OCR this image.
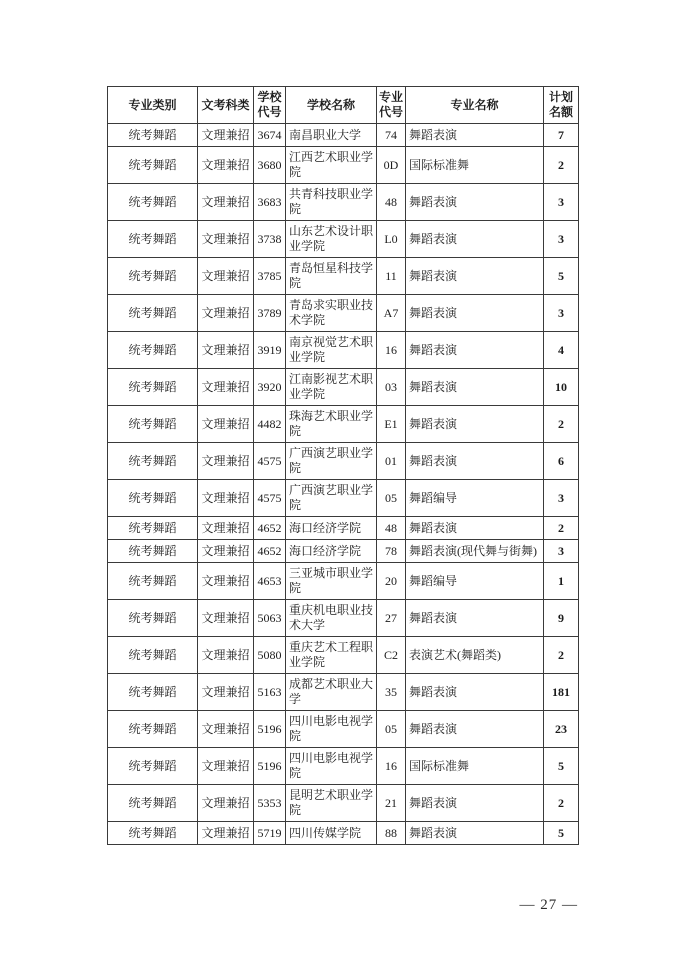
专业类别	文考科类	学校代号	学校名称	专业代号	专业名称	计划名额
统考舞蹈	文理兼招	3674	南昌职业大学	74	舞蹈表演	7
统考舞蹈	文理兼招	3680	江西艺术职业学院	0D	国际标准舞	2
统考舞蹈	文理兼招	3683	共青科技职业学院	48	舞蹈表演	3
统考舞蹈	文理兼招	3738	山东艺术设计职业学院	L0	舞蹈表演	3
统考舞蹈	文理兼招	3785	青岛恒星科技学院	11	舞蹈表演	5
统考舞蹈	文理兼招	3789	青岛求实职业技术学院	A7	舞蹈表演	3
统考舞蹈	文理兼招	3919	南京视觉艺术职业学院	16	舞蹈表演	4
统考舞蹈	文理兼招	3920	江南影视艺术职业学院	03	舞蹈表演	10
统考舞蹈	文理兼招	4482	珠海艺术职业学院	E1	舞蹈表演	2
统考舞蹈	文理兼招	4575	广西演艺职业学院	01	舞蹈表演	6
统考舞蹈	文理兼招	4575	广西演艺职业学院	05	舞蹈编导	3
统考舞蹈	文理兼招	4652	海口经济学院	48	舞蹈表演	2
统考舞蹈	文理兼招	4652	海口经济学院	78	舞蹈表演(现代舞与街舞)	3
统考舞蹈	文理兼招	4653	三亚城市职业学院	20	舞蹈编导	1
统考舞蹈	文理兼招	5063	重庆机电职业技术大学	27	舞蹈表演	9
统考舞蹈	文理兼招	5080	重庆艺术工程职业学院	C2	表演艺术(舞蹈类)	2
统考舞蹈	文理兼招	5163	成都艺术职业大学	35	舞蹈表演	181
统考舞蹈	文理兼招	5196	四川电影电视学院	05	舞蹈表演	23
统考舞蹈	文理兼招	5196	四川电影电视学院	16	国际标准舞	5
统考舞蹈	文理兼招	5353	昆明艺术职业学院	21	舞蹈表演	2
统考舞蹈	文理兼招	5719	四川传媒学院	88	舞蹈表演	5
— 27 —
